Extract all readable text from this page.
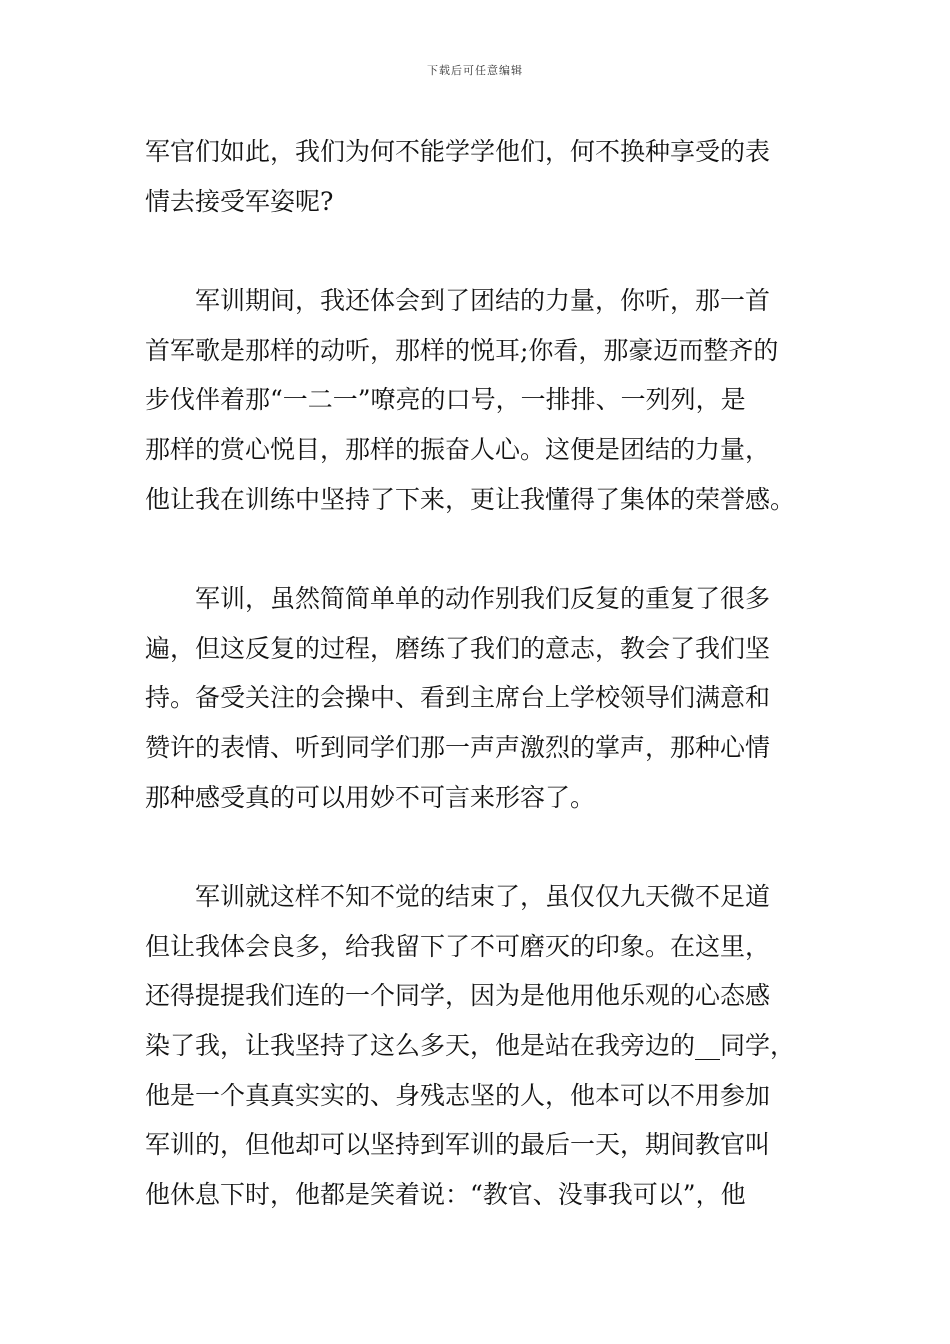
下载后可任意编辑
军官们如此，我们为何不能学学他们，何不换种享受的表
情去接受军姿呢?
　　军训期间，我还体会到了团结的力量，你听，那一首
首军歌是那样的动听，那样的悦耳;你看，那豪迈而整齐的
步伐伴着那“一二一”嘹亮的口号，一排排、一列列，是
那样的赏心悦目，那样的振奋人心。这便是团结的力量，
他让我在训练中坚持了下来，更让我懂得了集体的荣誉感。
　　军训，虽然简简单单的动作别我们反复的重复了很多
遍，但这反复的过程，磨练了我们的意志，教会了我们坚
持。备受关注的会操中、看到主席台上学校领导们满意和
赞许的表情、听到同学们那一声声激烈的掌声，那种心情
那种感受真的可以用妙不可言来形容了。
　　军训就这样不知不觉的结束了，虽仅仅九天微不足道
但让我体会良多，给我留下了不可磨灭的印象。在这里，
还得提提我们连的一个同学，因为是他用他乐观的心态感
染了我，让我坚持了这么多天，他是站在我旁边的__同学，
他是一个真真实实的、身残志坚的人，他本可以不用参加
军训的，但他却可以坚持到军训的最后一天，期间教官叫
他休息下时，他都是笑着说：“教官、没事我可以”，他
